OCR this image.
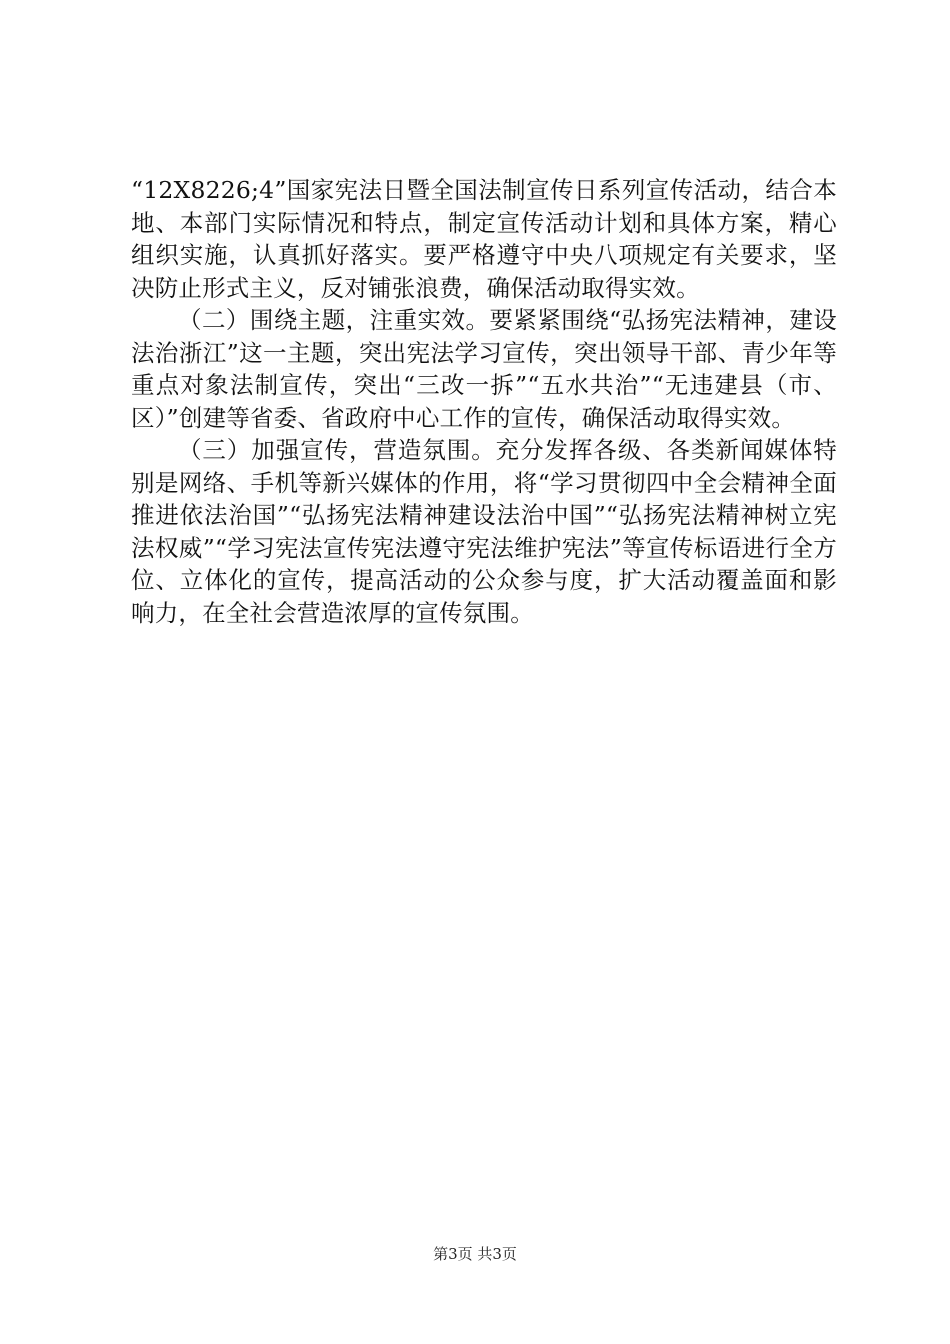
“12X8226;4”国家宪法日暨全国法制宣传日系列宣传活动，结合本地、本部门实际情况和特点，制定宣传活动计划和具体方案，精心组织实施，认真抓好落实。要严格遵守中央八项规定有关要求，坚决防止形式主义，反对铺张浪费，确保活动取得实效。

（二）围绕主题，注重实效。要紧紧围绕“弘扬宪法精神，建设法治浙江”这一主题，突出宪法学习宣传，突出领导干部、青少年等重点对象法制宣传，突出“三改一拆”“五水共治”“无违建县（市、区）”创建等省委、省政府中心工作的宣传，确保活动取得实效。

（三）加强宣传，营造氛围。充分发挥各级、各类新闻媒体特别是网络、手机等新兴媒体的作用，将“学习贯彻四中全会精神全面推进依法治国”“弘扬宪法精神建设法治中国”“弘扬宪法精神树立宪法权威”“学习宪法宣传宪法遵守宪法维护宪法”等宣传标语进行全方位、立体化的宣传，提高活动的公众参与度，扩大活动覆盖面和影响力，在全社会营造浓厚的宣传氛围。

第3页 共3页
